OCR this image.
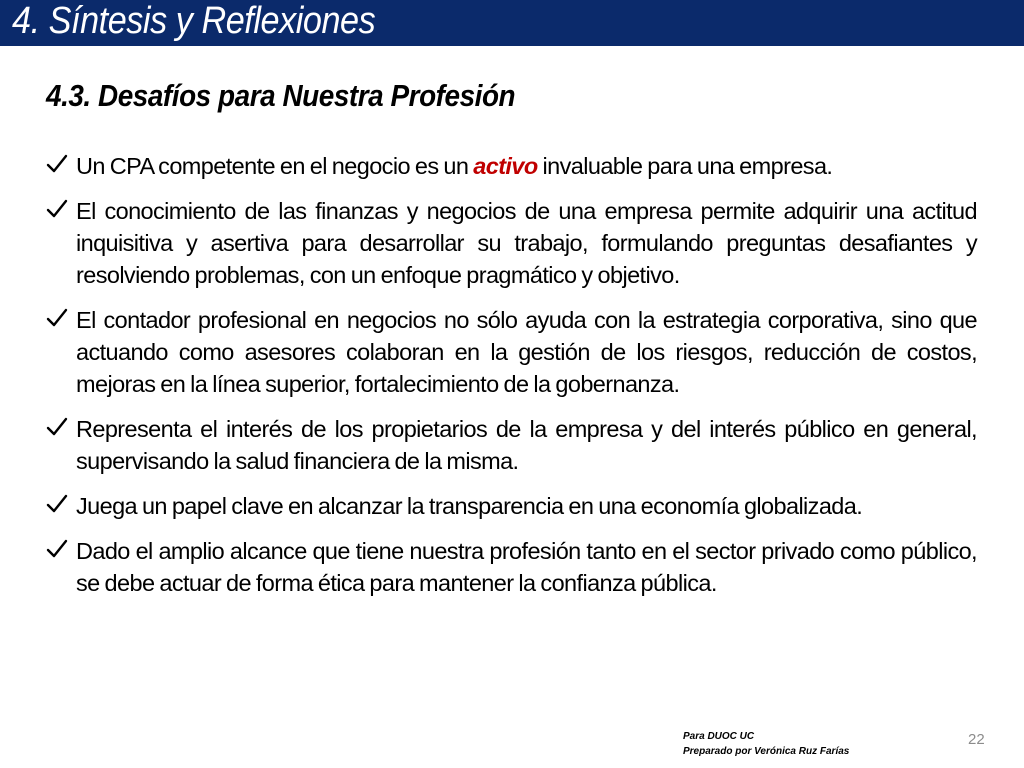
4. Síntesis y Reflexiones
4.3. Desafíos para Nuestra Profesión
Un CPA competente en el negocio es un activo invaluable para una empresa.
El conocimiento de las finanzas y negocios de una empresa permite adquirir una actitud inquisitiva y asertiva para desarrollar su trabajo, formulando preguntas desafiantes y resolviendo problemas, con un enfoque pragmático y objetivo.
El contador profesional en negocios no sólo ayuda con la estrategia corporativa, sino que actuando como asesores colaboran en la gestión de los riesgos, reducción de costos, mejoras en la línea superior, fortalecimiento de la gobernanza.
Representa el interés de los propietarios de la empresa y del interés público en general, supervisando la salud financiera de la misma.
Juega un papel clave en alcanzar la transparencia en una economía globalizada.
Dado el amplio alcance que tiene nuestra profesión tanto en el sector privado como público, se debe actuar de forma ética para mantener la confianza pública.
Para DUOC UC
Preparado por Verónica Ruz Farías
22
